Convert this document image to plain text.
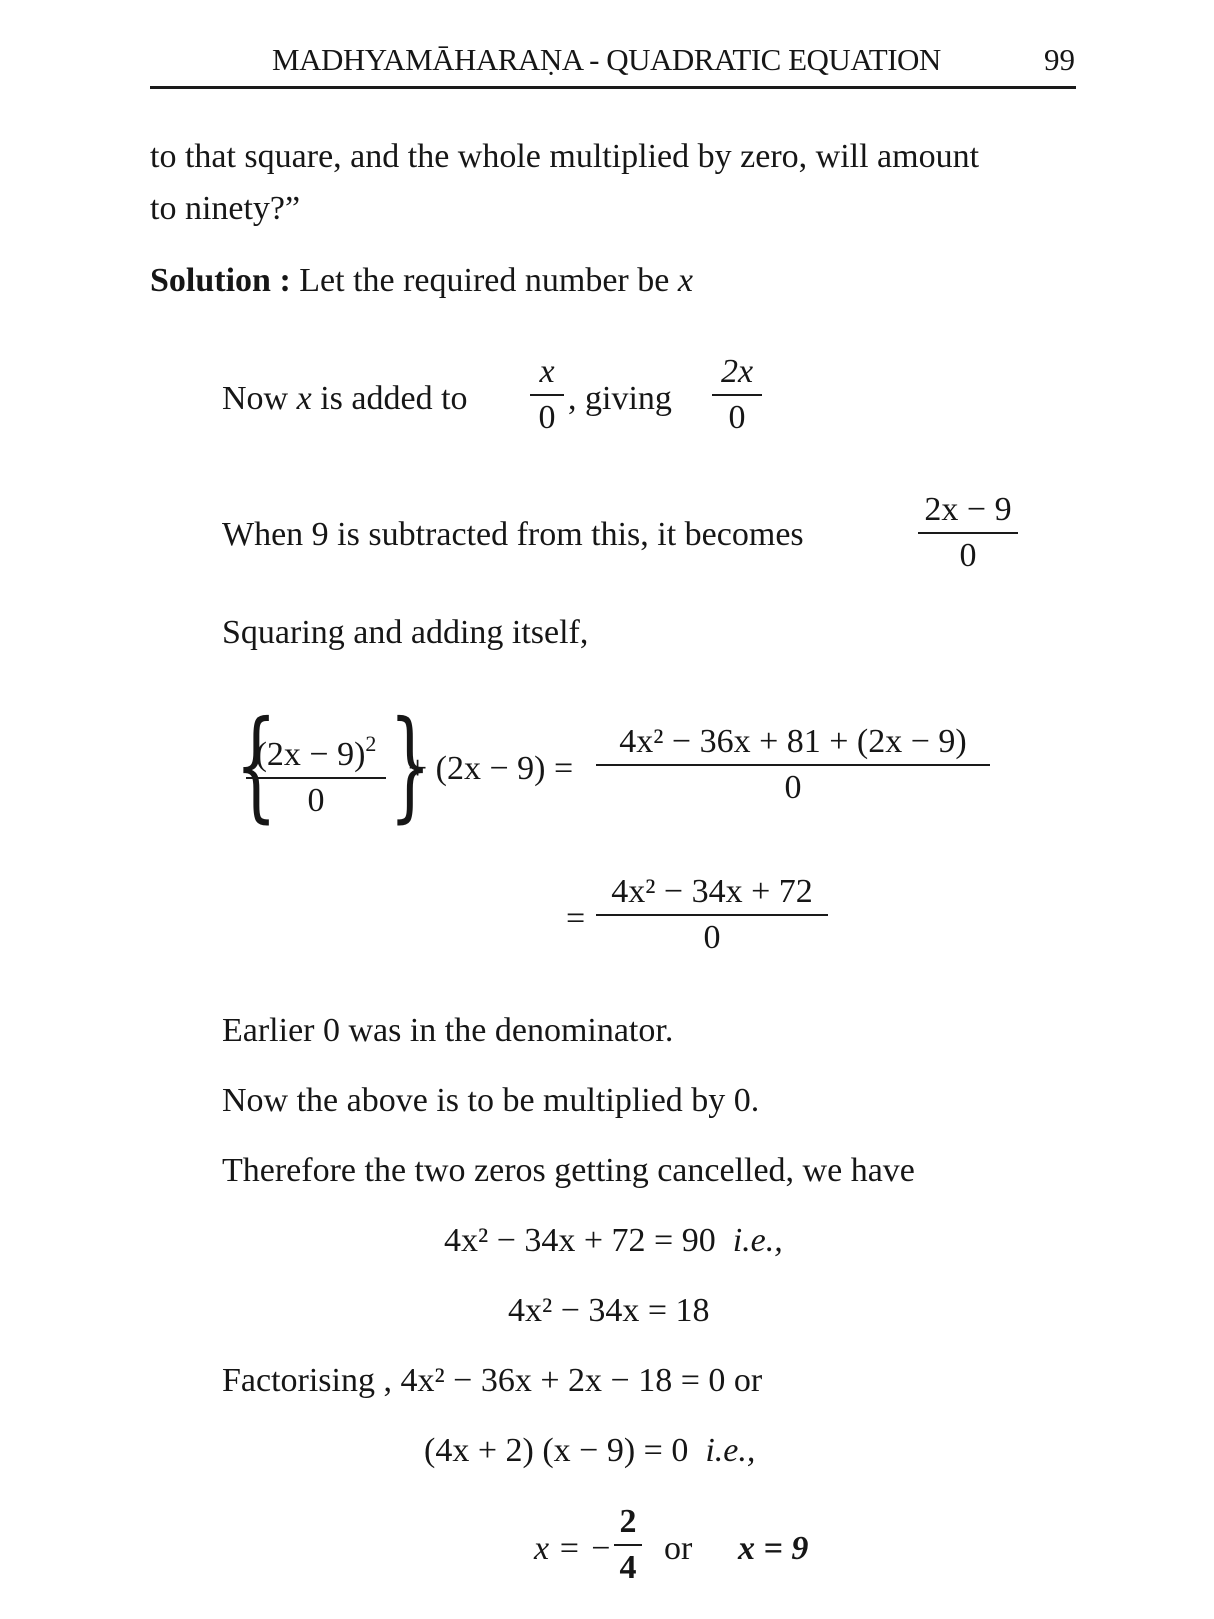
MADHYAMĀHARAṆA - QUADRATIC EQUATION	99
to that square, and the whole multiplied by zero, will amount
to ninety?”
Solution : Let the required number be x
Now x is added to
x
0
, giving
2x
0
When 9 is subtracted from this, it becomes
2x − 9
0
Squaring and adding itself,
{
$(2x - 9)^2$
0 }
+ (2x − 9) =
4x² − 36x + 81 + (2x − 9)
0
=
4x² − 34x + 72
0
Earlier 0 was in the denominator.
Now the above is to be multiplied by 0.
Therefore the two zeros getting cancelled, we have
4x² − 34x + 72 = 90 i.e.,
4x² − 34x = 18
Factorising , 4x² − 36x + 2x − 18 = 0 or
(4x + 2) (x − 9) = 0 i.e.,
x = −
2
4
or x = 9
